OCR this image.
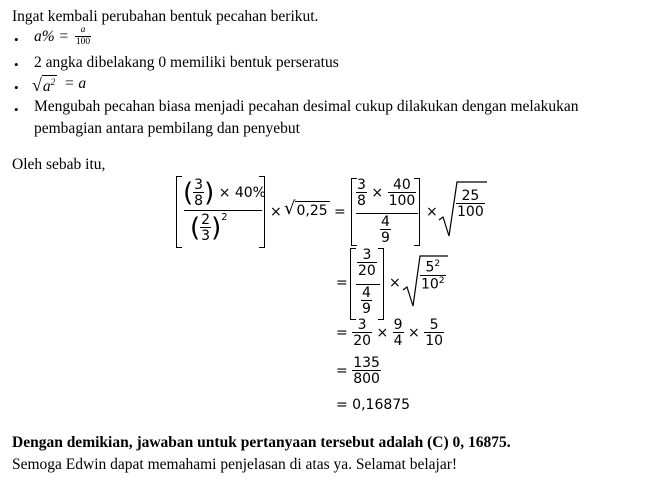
Ingat kembali perubahan bentuk pecahan berikut.
• $a\% = \frac{a}{100}$
• 2 angka dibelakang 0 memiliki bentuk perseratus
• √ $a^2 = a$
• Mengubah pecahan biasa menjadi pecahan desimal cukup dilakukan dengan melakukan
pembagian antara pembilang dan penyebut
Oleh sebab itu,
( $\frac{3}{8}$ ) × 40%
( $\frac{2}{3} )^2$	× √ 0,25 =
$\frac{3}{8} \times \frac{40}{100}$
$\frac{4}{9}$
× $\frac{25}{100}$
=
$\frac{3}{20}$
$\frac{4}{9}$
× $\frac{5^2}{10^2}$
= $\frac{3}{20} \times \frac{9}{4} \times \frac{5}{10}$
= $\frac{135}{800}$
= 0,16875
Dengan demikian, jawaban untuk pertanyaan tersebut adalah (C) 0, 16875.
Semoga Edwin dapat memahami penjelasan di atas ya. Selamat belajar!
